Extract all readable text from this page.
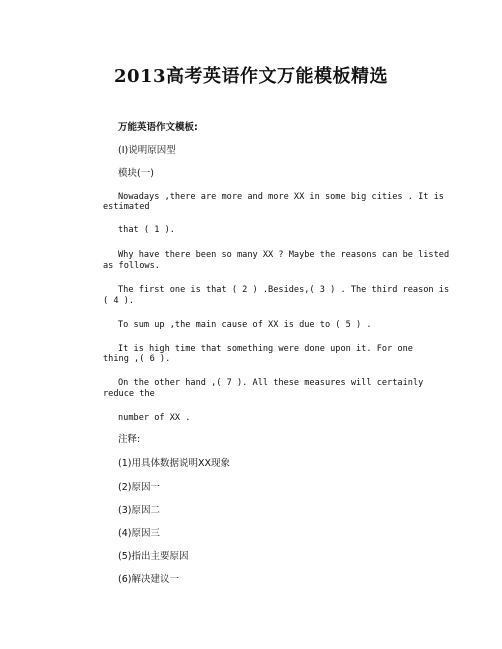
2013高考英语作文万能模板精选
万能英语作文模板:
(I)说明原因型
模块(一)
Nowadays ,there are more and more XX in some big cities . It is
estimated
that ( 1 ).
Why have there been so many XX ? Maybe the reasons can be listed
as follows.
The first one is that ( 2 ) .Besides,( 3 ) . The third reason is
( 4 ).
To sum up ,the main cause of XX is due to ( 5 ) .
It is high time that something were done upon it. For one
thing ,( 6 ).
On the other hand ,( 7 ). All these measures will certainly
reduce the
number of XX .
注释:
(1)用具体数据说明XX现象
(2)原因一
(3)原因二
(4)原因三
(5)指出主要原因
(6)解决建议一
